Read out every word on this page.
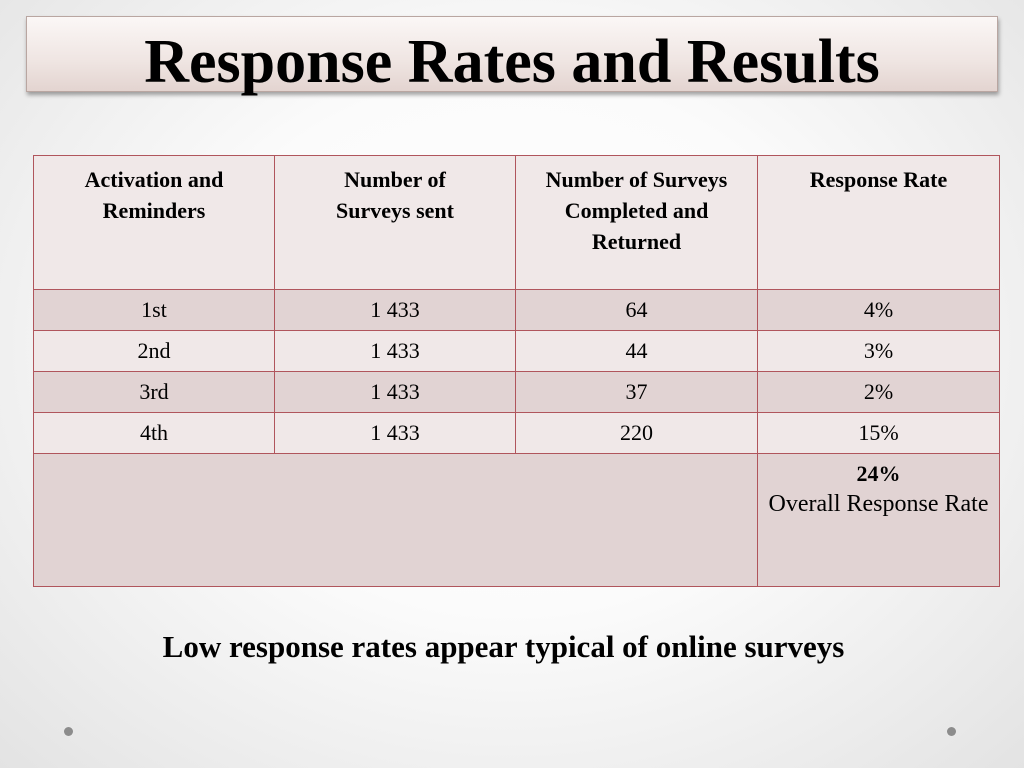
Response Rates and Results
Activation and Reminders	Number of Surveys sent	Number of Surveys Completed and Returned	Response Rate

1st	1 433	64	4%
2nd	1 433	44	3%
3rd	1 433	37	2%
4th	1 433	220	15%

			24%
Overall Response Rate
Low response rates appear typical of online surveys
